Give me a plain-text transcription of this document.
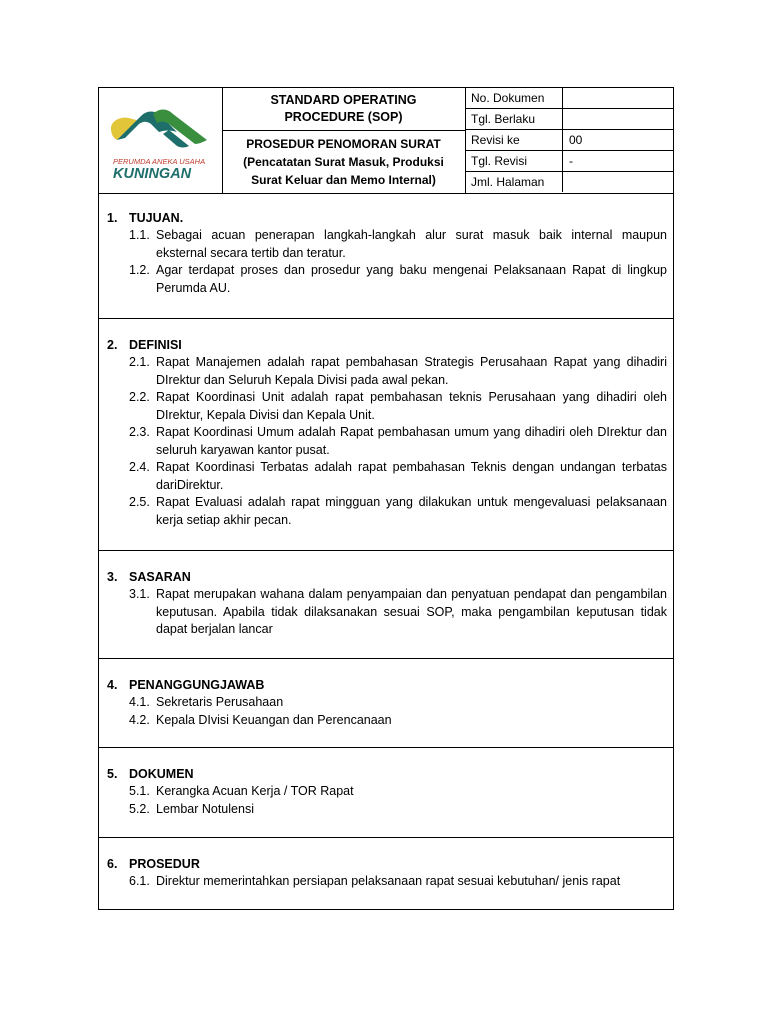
PERUMDA ANEKA USAHA
KUNINGAN
STANDARD OPERATING PROCEDURE (SOP)
PROSEDUR PENOMORAN SURAT (Pencatatan Surat Masuk, Produksi Surat Keluar dan Memo Internal)
No. Dokumen
Tgl. Berlaku
Revisi ke	00
Tgl. Revisi	-
Jml. Halaman
1. TUJUAN.
1.1. Sebagai acuan penerapan langkah-langkah alur surat masuk baik internal maupun eksternal secara tertib dan teratur.
1.2. Agar terdapat proses dan prosedur yang baku mengenai Pelaksanaan Rapat di lingkup Perumda AU.
2. DEFINISI
2.1. Rapat Manajemen adalah rapat pembahasan Strategis Perusahaan Rapat yang dihadiri DIrektur dan Seluruh Kepala Divisi pada awal pekan.
2.2. Rapat Koordinasi Unit adalah rapat pembahasan teknis Perusahaan yang dihadiri oleh DIrektur, Kepala Divisi dan Kepala Unit.
2.3. Rapat Koordinasi Umum adalah Rapat pembahasan umum yang dihadiri oleh DIrektur dan seluruh karyawan kantor pusat.
2.4. Rapat Koordinasi Terbatas adalah rapat pembahasan Teknis dengan undangan terbatas dariDirektur.
2.5. Rapat Evaluasi adalah rapat mingguan yang dilakukan untuk mengevaluasi pelaksanaan kerja setiap akhir pecan.
3. SASARAN
3.1. Rapat merupakan wahana dalam penyampaian dan penyatuan pendapat dan pengambilan keputusan. Apabila tidak dilaksanakan sesuai SOP, maka pengambilan keputusan tidak dapat berjalan lancar
4. PENANGGUNGJAWAB
4.1. Sekretaris Perusahaan
4.2. Kepala DIvisi Keuangan dan Perencanaan
5. DOKUMEN
5.1. Kerangka Acuan Kerja / TOR Rapat
5.2. Lembar Notulensi
6. PROSEDUR
6.1. Direktur memerintahkan persiapan pelaksanaan rapat sesuai kebutuhan/ jenis rapat
